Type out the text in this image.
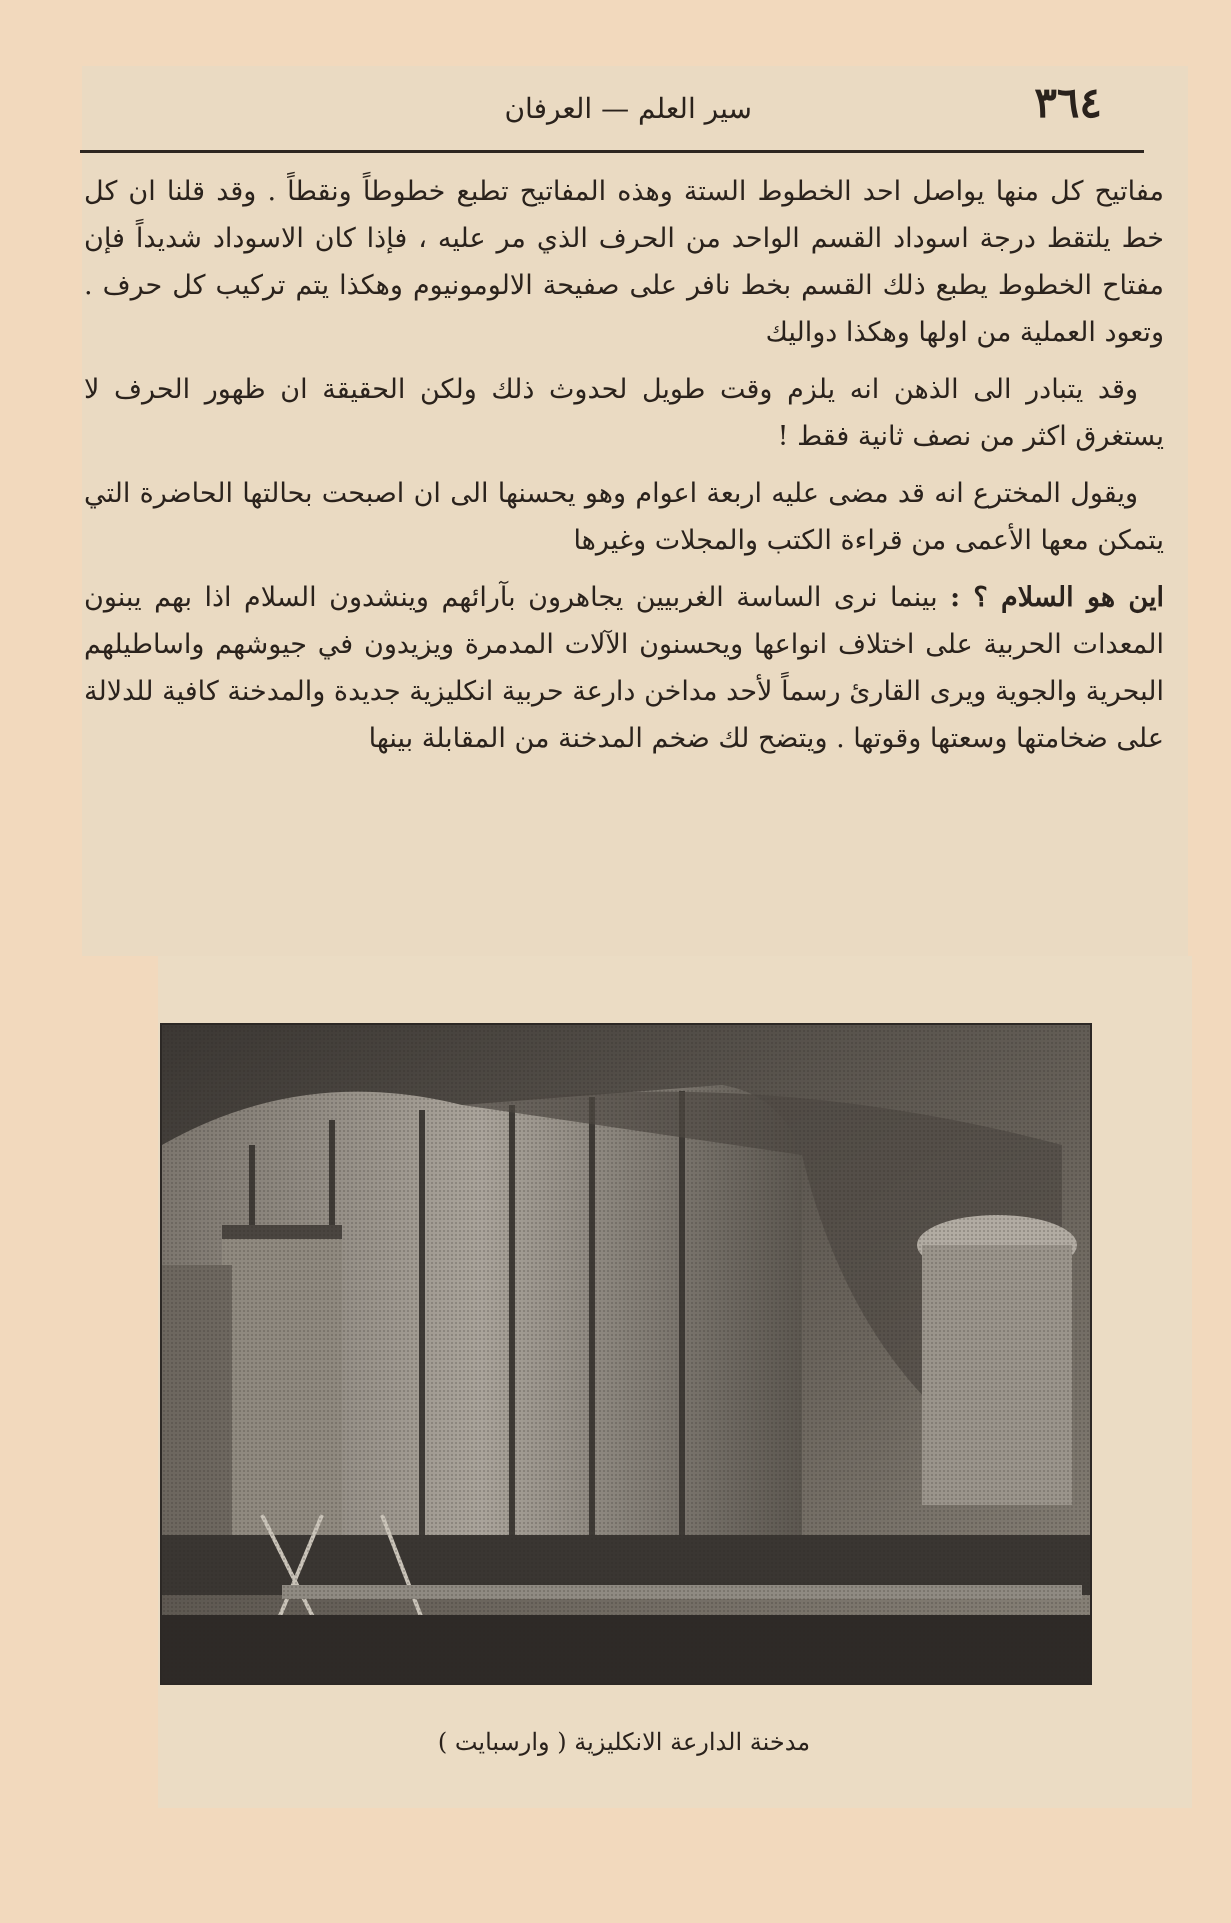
٣٦٤
سير العلم — العرفان

مفاتيح كل منها يواصل احد الخطوط الستة وهذه المفاتيح تطبع خطوطاً ونقطاً . وقد قلنا ان كل خط يلتقط درجة اسوداد القسم الواحد من الحرف الذي مر عليه ، فإذا كان الاسوداد شديداً فإن مفتاح الخطوط يطبع ذلك القسم بخط نافر على صفيحة الالومونيوم وهكذا يتم تركيب كل حرف . وتعود العملية من اولها وهكذا دواليك

وقد يتبادر الى الذهن انه يلزم وقت طويل لحدوث ذلك ولكن الحقيقة ان ظهور الحرف لا يستغرق اكثر من نصف ثانية فقط !

ويقول المخترع انه قد مضى عليه اربعة اعوام وهو يحسنها الى ان اصبحت بحالتها الحاضرة التي يتمكن معها الأعمى من قراءة الكتب والمجلات وغيرها

اين هو السلام ؟ : بينما نرى الساسة الغربيين يجاهرون بآرائهم وينشدون السلام اذا بهم يبنون المعدات الحربية على اختلاف انواعها ويحسنون الآلات المدمرة ويزيدون في جيوشهم واساطيلهم البحرية والجوية ويرى القارئ رسماً لأحد مداخن دارعة حربية انكليزية جديدة والمدخنة كافية للدلالة على ضخامتها وسعتها وقوتها . ويتضح لك ضخم المدخنة من المقابلة بينها

مدخنة الدارعة الانكليزية ( وارسبايت )
